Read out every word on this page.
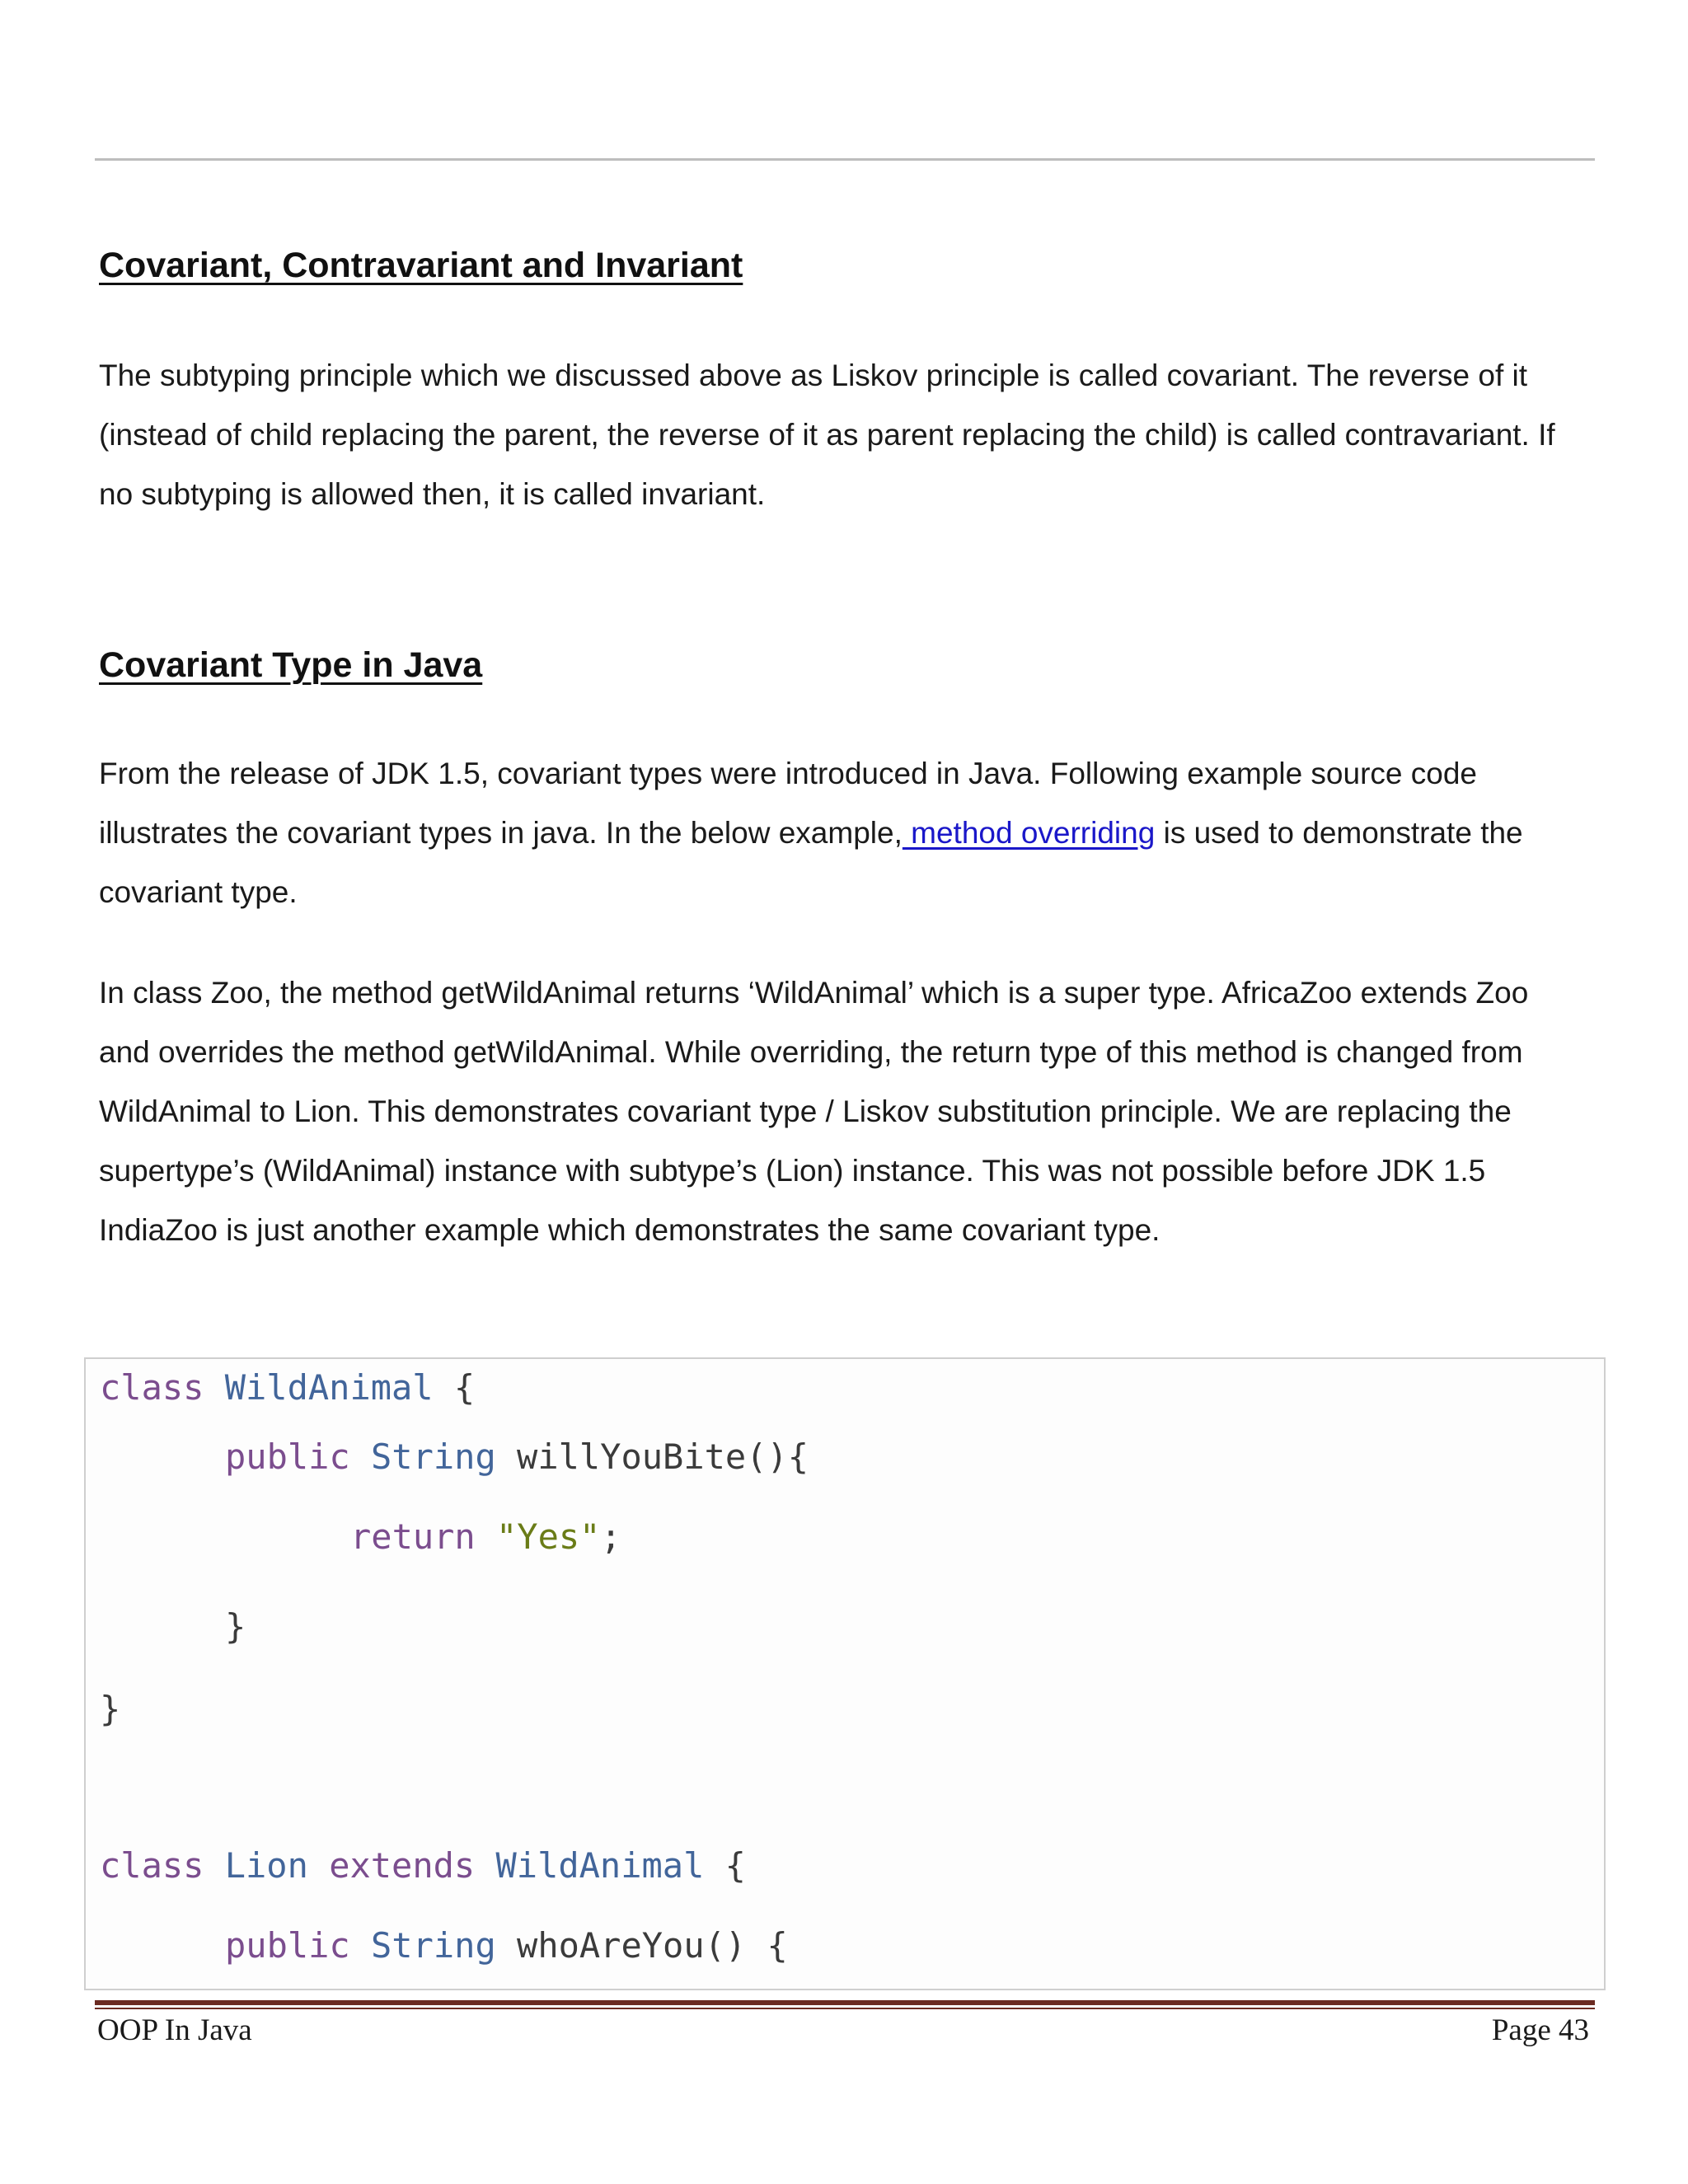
Covariant, Contravariant and Invariant

The subtyping principle which we discussed above as Liskov principle is called covariant. The reverse of it (instead of child replacing the parent, the reverse of it as parent replacing the child) is called contravariant. If no subtyping is allowed then, it is called invariant.

Covariant Type in Java

From the release of JDK 1.5, covariant types were introduced in Java. Following example source code illustrates the covariant types in java. In the below example, method overriding is used to demonstrate the covariant type.

In class Zoo, the method getWildAnimal returns ‘WildAnimal’ which is a super type. AfricaZoo extends Zoo and overrides the method getWildAnimal. While overriding, the return type of this method is changed from WildAnimal to Lion. This demonstrates covariant type / Liskov substitution principle. We are replacing the supertype’s (WildAnimal) instance with subtype’s (Lion) instance. This was not possible before JDK 1.5 IndiaZoo is just another example which demonstrates the same covariant type.

class WildAnimal {
public String willYouBite(){
return "Yes";
}
}
class Lion extends WildAnimal {
public String whoAreYou() {
OOP In Java	Page 43
